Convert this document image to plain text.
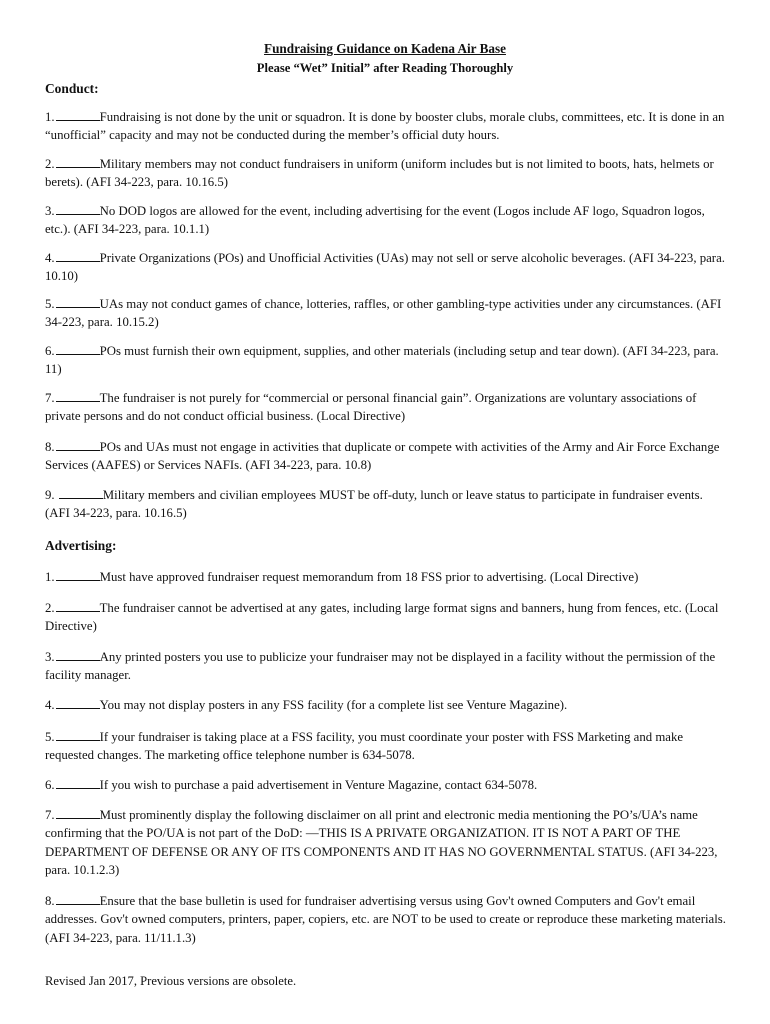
Fundraising Guidance on Kadena Air Base
Please “Wet” Initial” after Reading Thoroughly
Conduct:
1.	Fundraising is not done by the unit or squadron. It is done by booster clubs, morale clubs, committees, etc. It is done in an “unofficial” capacity and may not be conducted during the member’s official duty hours.
2.	Military members may not conduct fundraisers in uniform (uniform includes but is not limited to boots, hats, helmets or berets). (AFI 34-223, para. 10.16.5)
3.	No DOD logos are allowed for the event, including advertising for the event (Logos include AF logo, Squadron logos, etc.). (AFI 34-223, para. 10.1.1)
4.	Private Organizations (POs) and Unofficial Activities (UAs) may not sell or serve alcoholic beverages. (AFI 34-223, para. 10.10)
5.	UAs may not conduct games of chance, lotteries, raffles, or other gambling-type activities under any circumstances. (AFI 34-223, para. 10.15.2)
6.	POs must furnish their own equipment, supplies, and other materials (including setup and tear down). (AFI 34-223, para. 11)
7.	The fundraiser is not purely for “commercial or personal financial gain”. Organizations are voluntary associations of private persons and do not conduct official business. (Local Directive)
8.	POs and UAs must not engage in activities that duplicate or compete with activities of the Army and Air Force Exchange Services (AAFES) or Services NAFIs. (AFI 34-223, para. 10.8)
9.	Military members and civilian employees MUST be off-duty, lunch or leave status to participate in fundraiser events. (AFI 34-223, para. 10.16.5)
Advertising:
1.	Must have approved fundraiser request memorandum from 18 FSS prior to advertising. (Local Directive)
2.	The fundraiser cannot be advertised at any gates, including large format signs and banners, hung from fences, etc. (Local Directive)
3.	Any printed posters you use to publicize your fundraiser may not be displayed in a facility without the permission of the facility manager.
4.	You may not display posters in any FSS facility (for a complete list see Venture Magazine).
5.	If your fundraiser is taking place at a FSS facility, you must coordinate your poster with FSS Marketing and make requested changes. The marketing office telephone number is 634-5078.
6.	If you wish to purchase a paid advertisement in Venture Magazine, contact 634-5078.
7.	Must prominently display the following disclaimer on all print and electronic media mentioning the PO’s/UA’s name confirming that the PO/UA is not part of the DoD: ―THIS IS A PRIVATE ORGANIZATION. IT IS NOT A PART OF THE DEPARTMENT OF DEFENSE OR ANY OF ITS COMPONENTS AND IT HAS NO GOVERNMENTAL STATUS. (AFI 34-223, para. 10.1.2.3)
8.	Ensure that the base bulletin is used for fundraiser advertising versus using Gov't owned Computers and Gov't email addresses. Gov't owned computers, printers, paper, copiers, etc. are NOT to be used to create or reproduce these marketing materials. (AFI 34-223, para. 11/11.1.3)
Revised Jan 2017, Previous versions are obsolete.
